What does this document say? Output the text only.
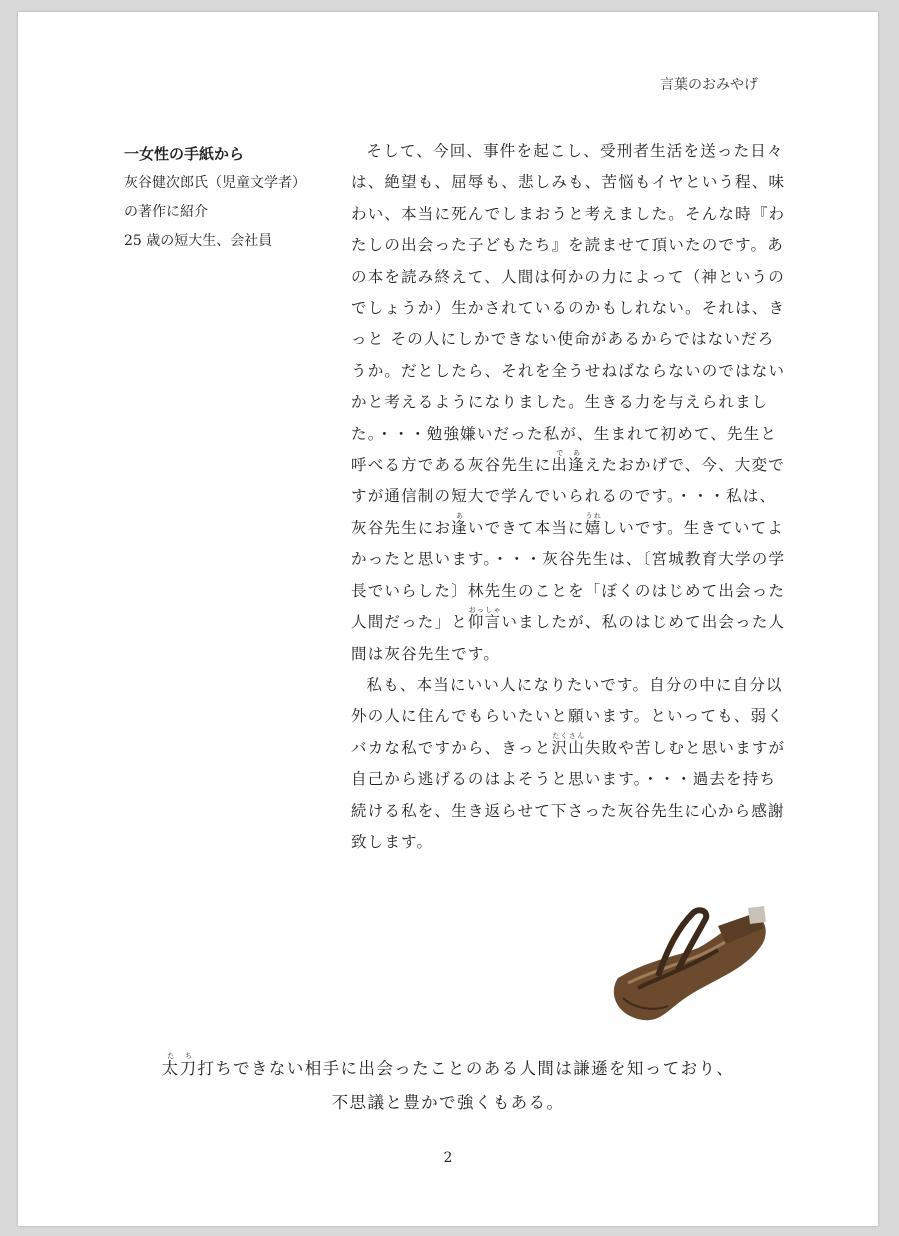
言葉のおみやげ
一女性の手紙から
灰谷健次郎氏（児童文学者）
の著作に紹介
25 歳の短大生、会社員

そして、今回、事件を起こし、受刑者生活を送った日々は、絶望も、屈辱も、悲しみも、苦悩もイヤという程、味わい、本当に死んでしまおうと考えました。そんな時『わたしの出会った子どもたち』を読ませて頂いたのです。あの本を読み終えて、人間は何かの力によって（神というのでしょうか）生かされているのかもしれない。それは、きっと その人にしかできない使命があるからではないだろうか。だとしたら、それを全うせねばならないのではないかと考えるようになりました。生きる力を与えられました。・・・勉強嫌いだった私が、生まれて初めて、先生と呼べる方である灰谷先生に出逢であえたおかげで、今、大変ですが通信制の短大で学んでいられるのです。・・・私は、灰谷先生にお逢あいできて本当に嬉うれしいです。生きていてよかったと思います。・・・灰谷先生は、〔宮城教育大学の学長でいらした〕林先生のことを「ぼくのはじめて出会った人間だった」と仰言おっしゃいましたが、私のはじめて出会った人間は灰谷先生です。

私も、本当にいい人になりたいです。自分の中に自分以外の人に住んでもらいたいと願います。といっても、弱くバカな私ですから、きっと沢山たくさん失敗や苦しむと思いますが 自己から逃げるのはよそうと思います。・・・過去を持ち続ける私を、生き返らせて下さった灰谷先生に心から感謝致します。

太刀たち打ちできない相手に出会ったことのある人間は謙遜を知っており、
不思議と豊かで強くもある。
2
